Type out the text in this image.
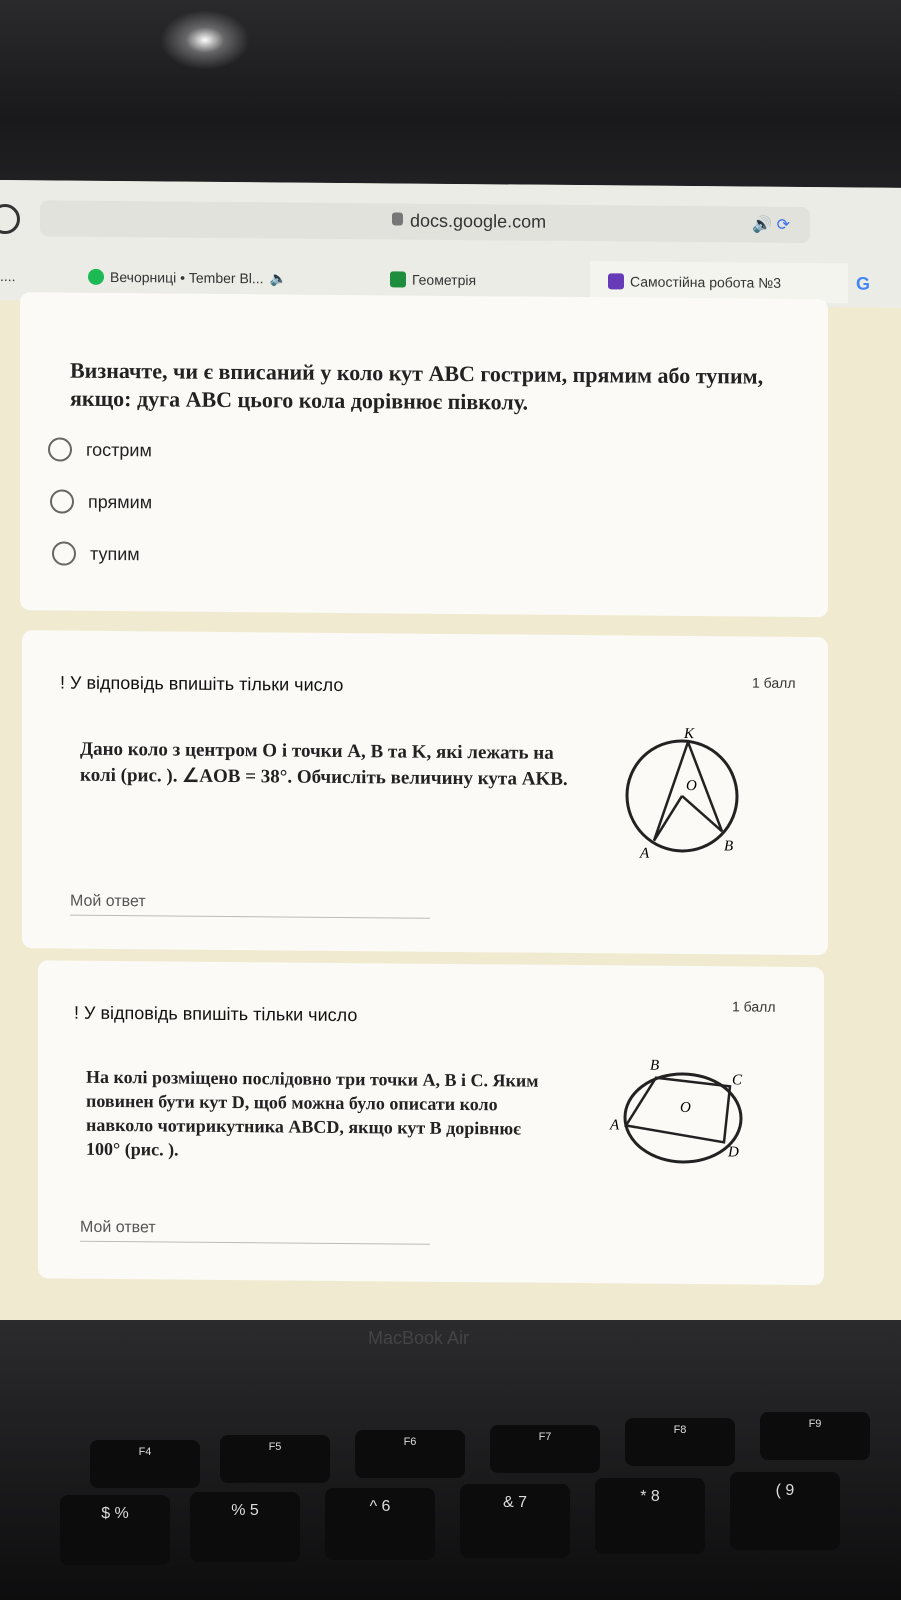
docs.google.com	🔊 ⟳
....	Вечорниці • Tember Bl... 🔈	Геометрія	Самостійна робота №3	G
Визначте, чи є вписаний у коло кут ABC гострим, прямим або тупим, якщо: дуга ABC цього кола дорівнює півколу.
гострим
прямим
тупим
! У відповідь впишіть тільки число	1 балл
Дано коло з центром O і точки A, B та K, які лежать на колі (рис. ). ∠AOB = 38°. Обчисліть величину кута AKB.
K
O
A	B
Мой ответ
! У відповідь впишіть тільки число	1 балл
На колі розміщено послідовно три точки A, B і C. Яким повинен бути кут D, щоб можна було описати коло навколо чотирикутника ABCD, якщо кут B дорівнює 100° (рис. ).
B
C
O
A
D
Мой ответ
MacBook Air
F4
$ %
F5
% 5
F6
^ 6
F7
& 7
F8
* 8
F9
( 9
